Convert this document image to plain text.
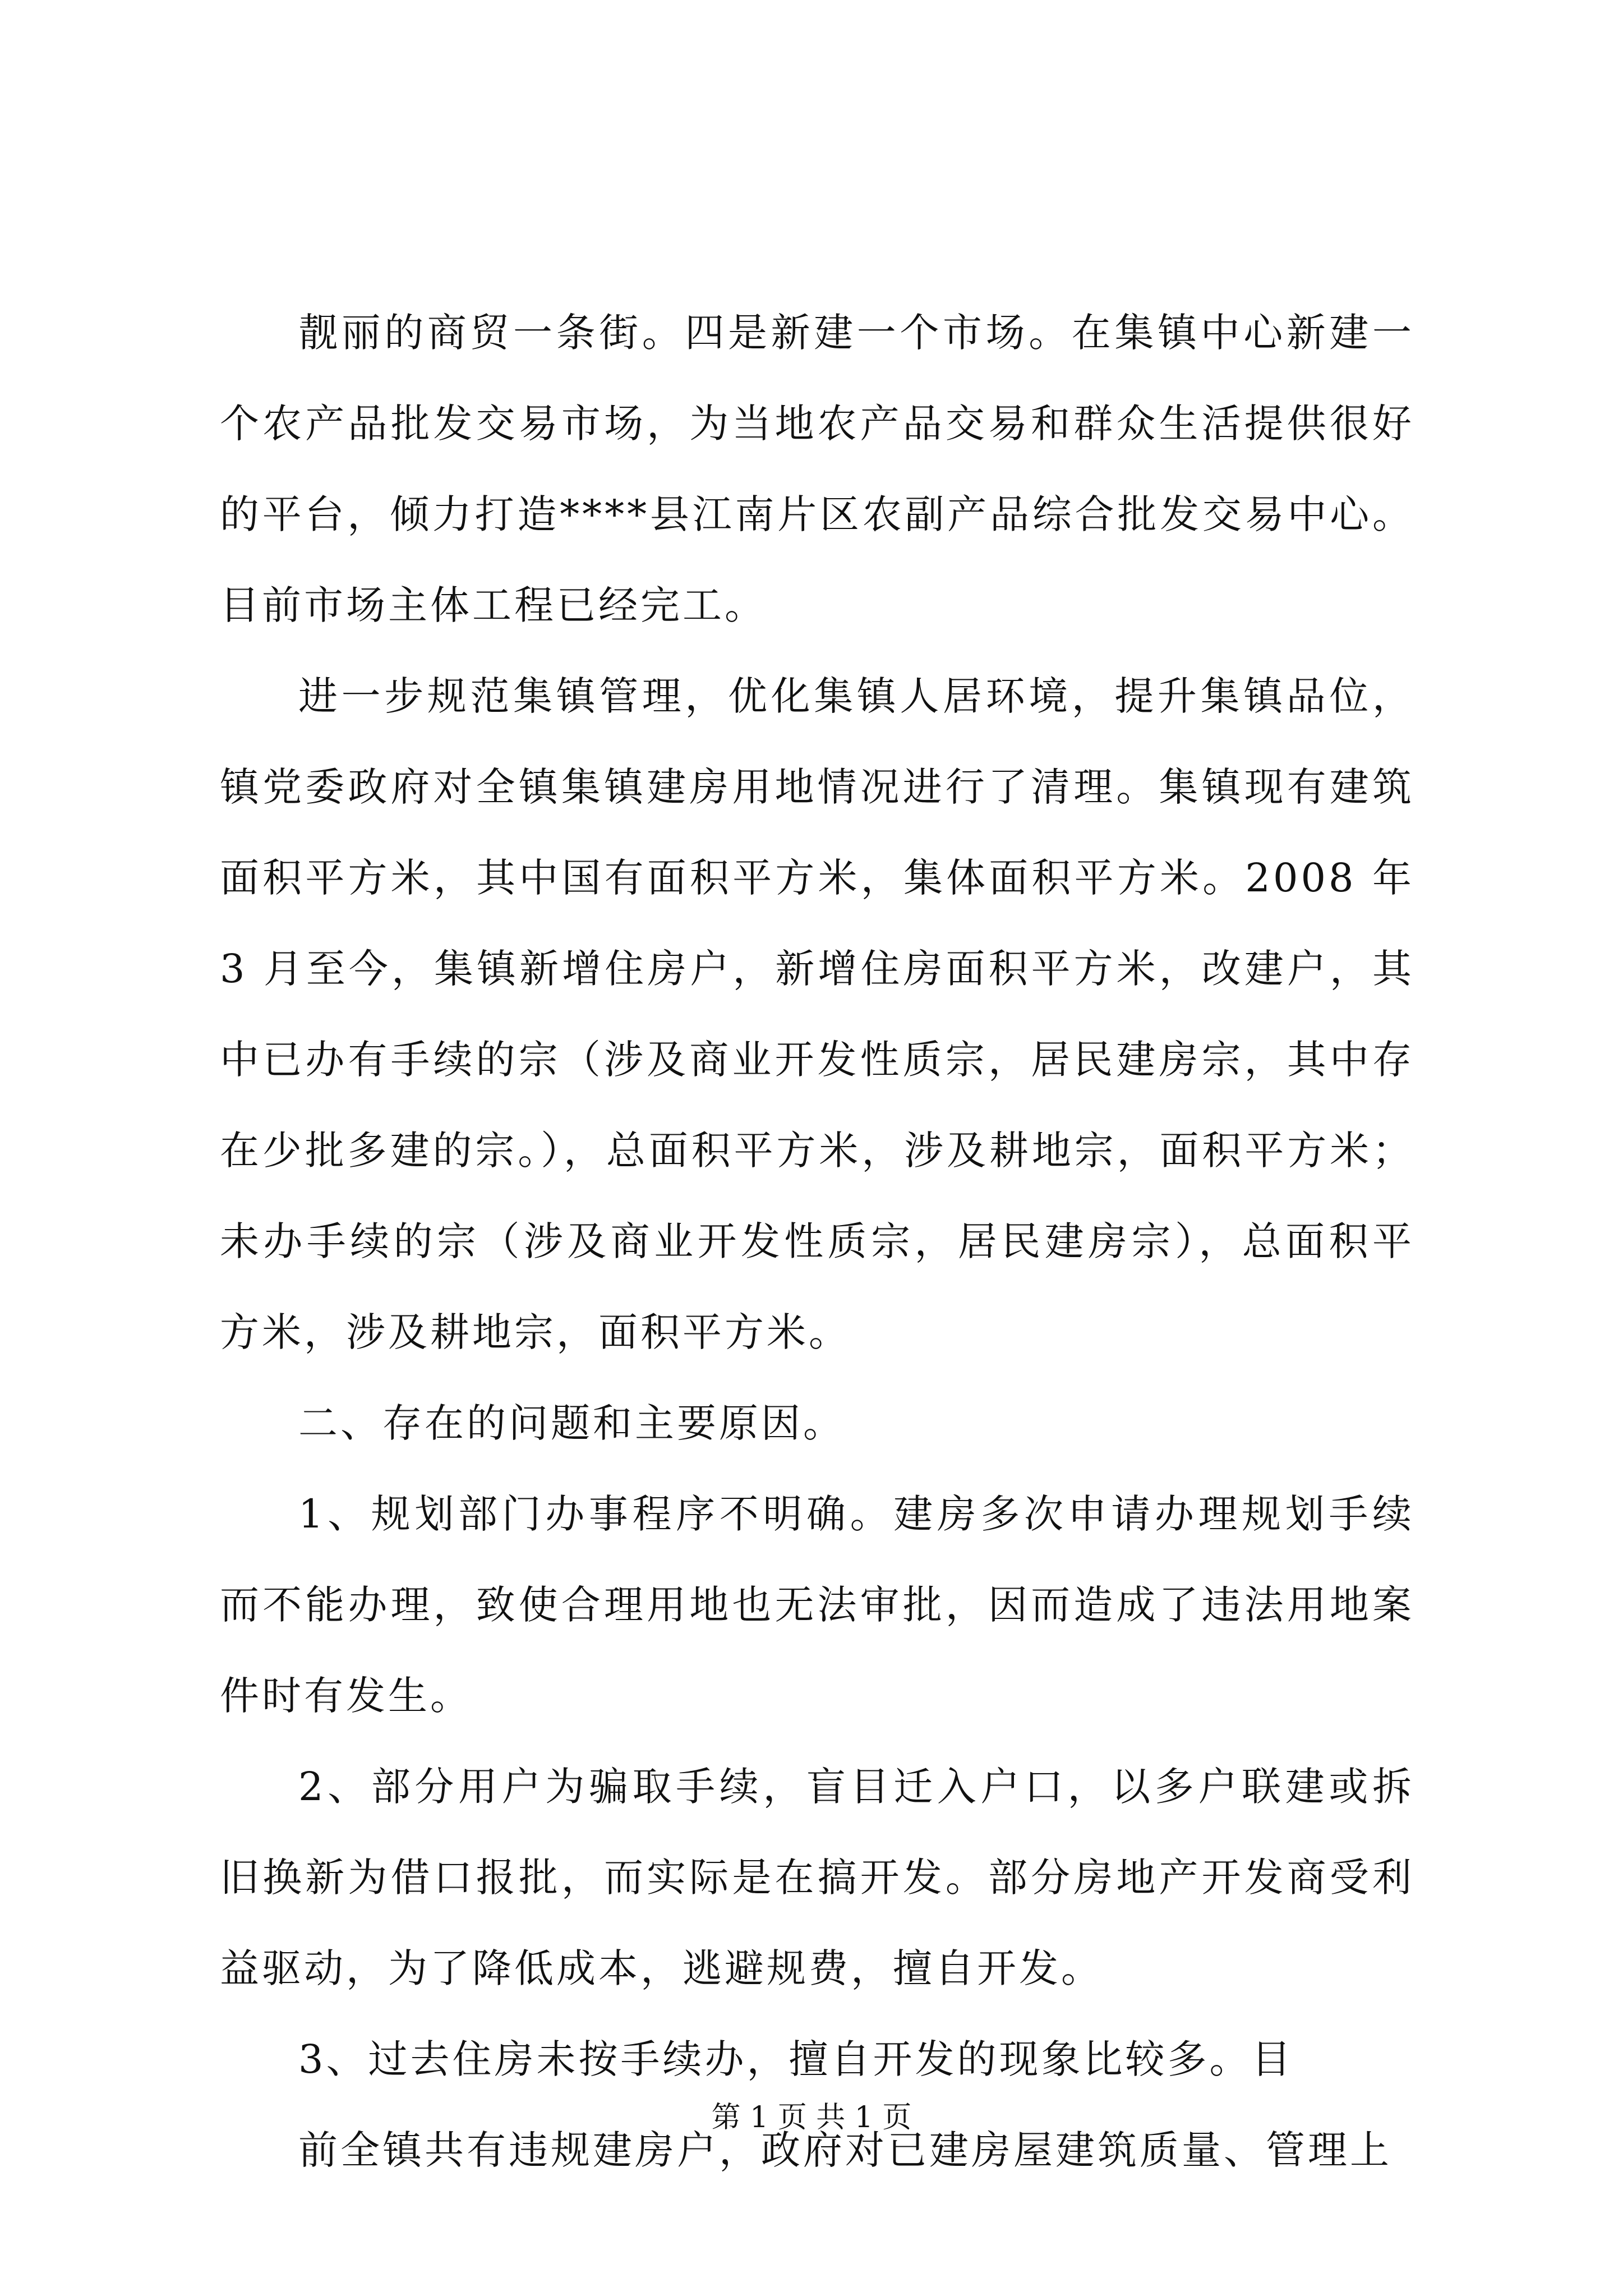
靓丽的商贸一条街。四是新建一个市场。在集镇中心新建一个农产品批发交易市场，为当地农产品交易和群众生活提供很好的平台，倾力打造****县江南片区农副产品综合批发交易中心。目前市场主体工程已经完工。

进一步规范集镇管理，优化集镇人居环境，提升集镇品位，镇党委政府对全镇集镇建房用地情况进行了清理。集镇现有建筑面积平方米，其中国有面积平方米，集体面积平方米。2008 年 3 月至今，集镇新增住房户，新增住房面积平方米，改建户，其中已办有手续的宗（涉及商业开发性质宗，居民建房宗，其中存在少批多建的宗。），总面积平方米，涉及耕地宗，面积平方米；未办手续的宗（涉及商业开发性质宗，居民建房宗），总面积平方米，涉及耕地宗，面积平方米。

二、存在的问题和主要原因。

1、规划部门办事程序不明确。建房多次申请办理规划手续而不能办理，致使合理用地也无法审批，因而造成了违法用地案件时有发生。

2、部分用户为骗取手续，盲目迁入户口，以多户联建或拆旧换新为借口报批，而实际是在搞开发。部分房地产开发商受利益驱动，为了降低成本，逃避规费，擅自开发。

3、过去住房未按手续办，擅自开发的现象比较多。目

前全镇共有违规建房户，政府对已建房屋建筑质量、管理上

第 1 页 共 1 页
